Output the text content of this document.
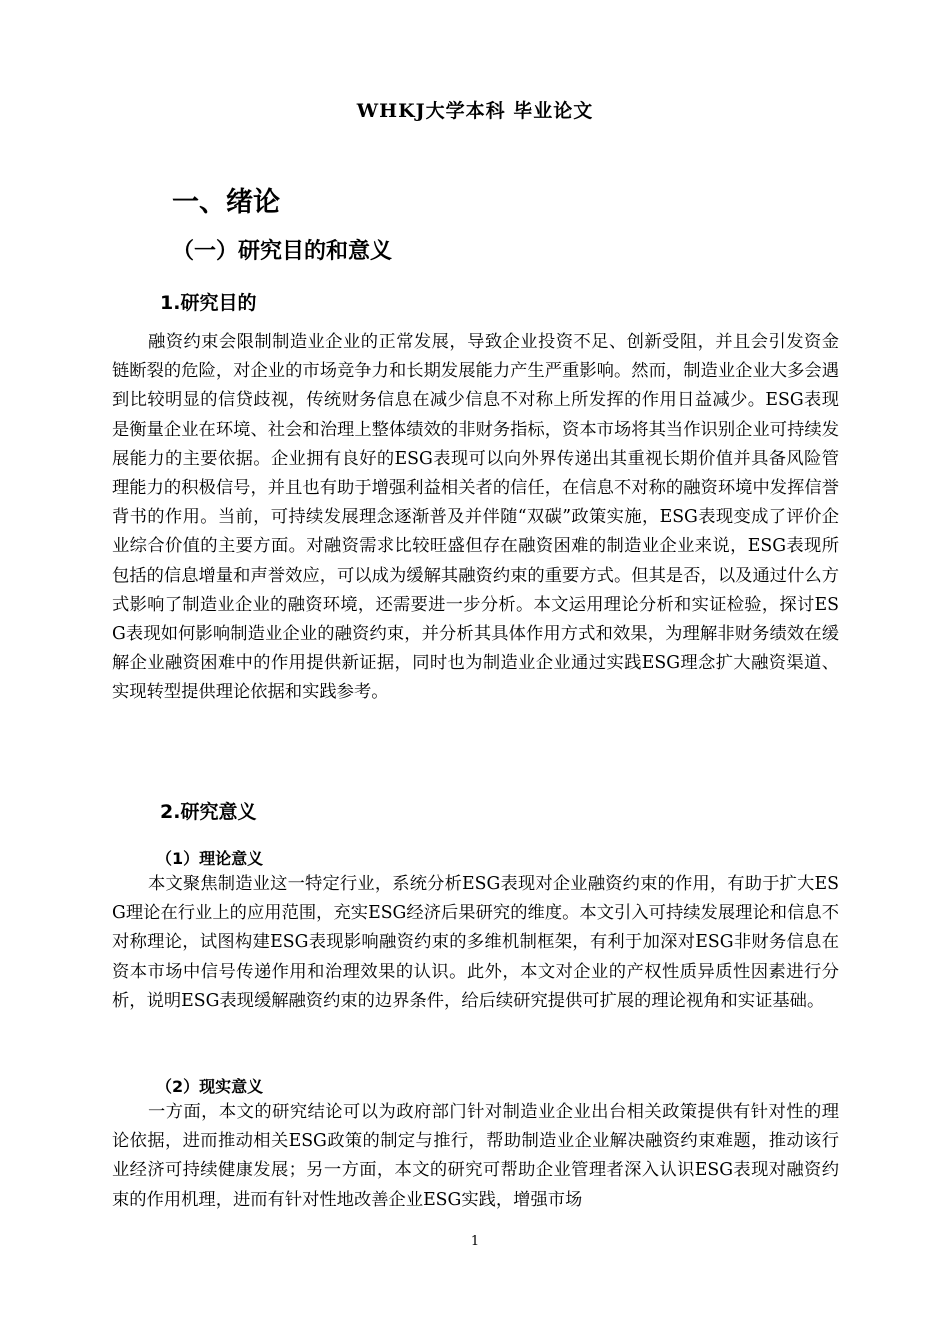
WHKJ大学本科 毕业论文
一、绪论
（一）研究目的和意义
1.研究目的

融资约束会限制制造业企业的正常发展，导致企业投资不足、创新受阻，并且会引发资金链断裂的危险，对企业的市场竞争力和长期发展能力产生严重影响。然而，制造业企业大多会遇到比较明显的信贷歧视，传统财务信息在减少信息不对称上所发挥的作用日益减少。ESG表现是衡量企业在环境、社会和治理上整体绩效的非财务指标，资本市场将其当作识别企业可持续发展能力的主要依据。企业拥有良好的ESG表现可以向外界传递出其重视长期价值并具备风险管理能力的积极信号，并且也有助于增强利益相关者的信任，在信息不对称的融资环境中发挥信誉背书的作用。当前，可持续发展理念逐渐普及并伴随“双碳”政策实施，ESG表现变成了评价企业综合价值的主要方面。对融资需求比较旺盛但存在融资困难的制造业企业来说，ESG表现所包括的信息增量和声誉效应，可以成为缓解其融资约束的重要方式。但其是否，以及通过什么方式影响了制造业企业的融资环境，还需要进一步分析。本文运用理论分析和实证检验，探讨ESG表现如何影响制造业企业的融资约束，并分析其具体作用方式和效果，为理解非财务绩效在缓解企业融资困难中的作用提供新证据，同时也为制造业企业通过实践ESG理念扩大融资渠道、实现转型提供理论依据和实践参考。

2.研究意义
（1）理论意义

本文聚焦制造业这一特定行业，系统分析ESG表现对企业融资约束的作用，有助于扩大ESG理论在行业上的应用范围，充实ESG经济后果研究的维度。本文引入可持续发展理论和信息不对称理论，试图构建ESG表现影响融资约束的多维机制框架，有利于加深对ESG非财务信息在资本市场中信号传递作用和治理效果的认识。此外，本文对企业的产权性质异质性因素进行分析，说明ESG表现缓解融资约束的边界条件，给后续研究提供可扩展的理论视角和实证基础。

（2）现实意义

一方面，本文的研究结论可以为政府部门针对制造业企业出台相关政策提供有针对性的理论依据，进而推动相关ESG政策的制定与推行，帮助制造业企业解决融资约束难题，推动该行业经济可持续健康发展；另一方面，本文的研究可帮助企业管理者深入认识ESG表现对融资约束的作用机理，进而有针对性地改善企业ESG实践，增强市场

1
